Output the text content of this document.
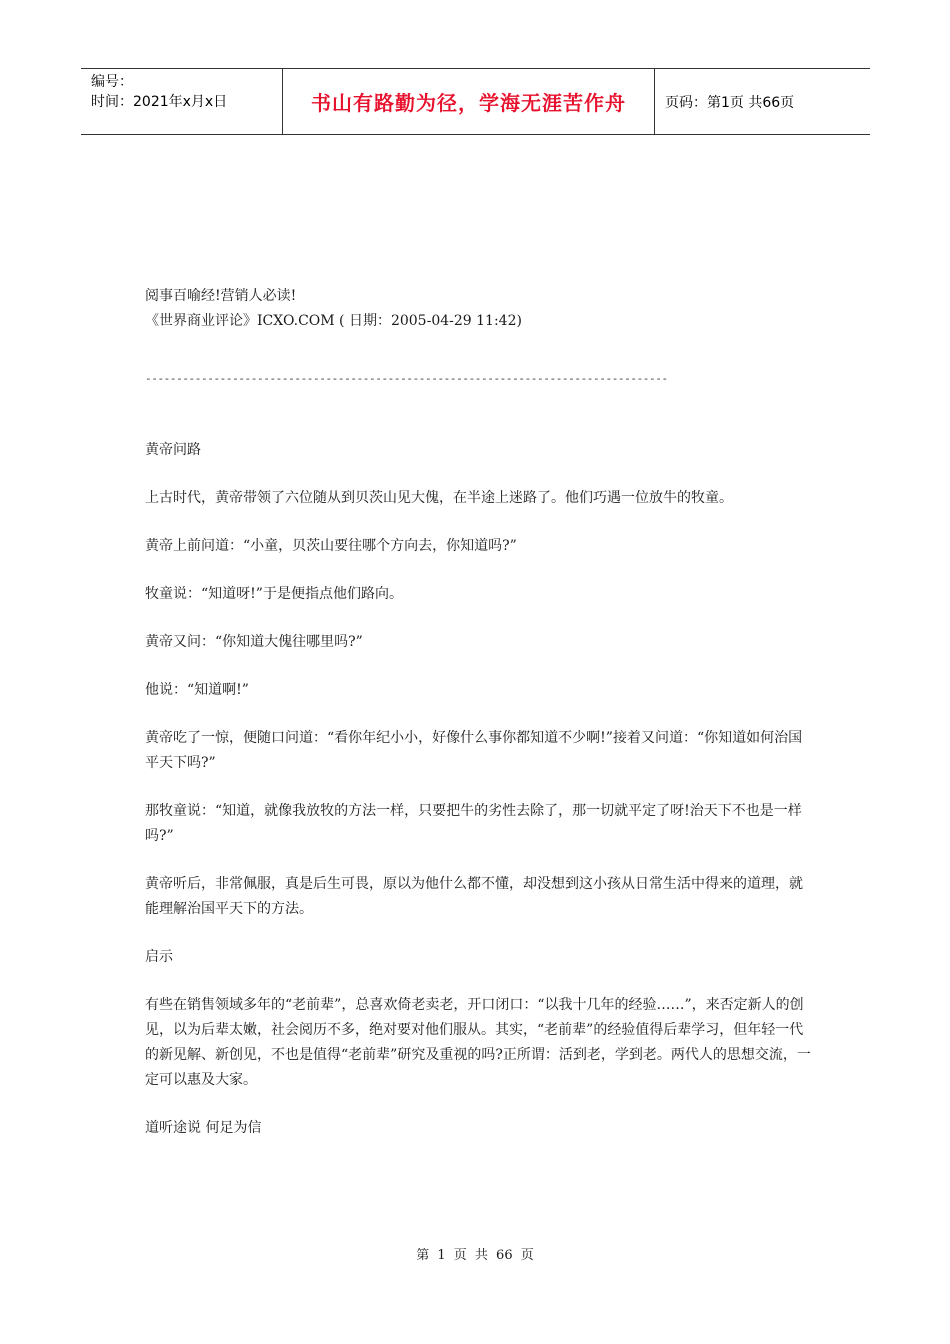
编号：
时间：2021年x月x日	书山有路勤为径，学海无涯苦作舟	页码：第1页 共66页

阅事百喻经!营销人必读!

《世界商业评论》ICXO.COM ( 日期：2005-04-29 11:42)

------------------------------------------------------------------------------------

黄帝问路

上古时代，黄帝带领了六位随从到贝茨山见大傀，在半途上迷路了。他们巧遇一位放牛的牧童。

黄帝上前问道：“小童，贝茨山要往哪个方向去，你知道吗?”

牧童说：“知道呀!”于是便指点他们路向。

黄帝又问：“你知道大傀往哪里吗?”

他说：“知道啊!”

黄帝吃了一惊，便随口问道：“看你年纪小小，好像什么事你都知道不少啊!”接着又问道：“你知道如何治国平天下吗?”

那牧童说：“知道，就像我放牧的方法一样，只要把牛的劣性去除了，那一切就平定了呀!治天下不也是一样吗?”

黄帝听后，非常佩服，真是后生可畏，原以为他什么都不懂，却没想到这小孩从日常生活中得来的道理，就能理解治国平天下的方法。

启示

有些在销售领域多年的“老前辈”，总喜欢倚老卖老，开口闭口：“以我十几年的经验……”，来否定新人的创见，以为后辈太嫩，社会阅历不多，绝对要对他们服从。其实，“老前辈”的经验值得后辈学习，但年轻一代的新见解、新创见，不也是值得“老前辈”研究及重视的吗?正所谓：活到老，学到老。两代人的思想交流，一定可以惠及大家。

道听途说 何足为信

第 1 页 共 66 页
